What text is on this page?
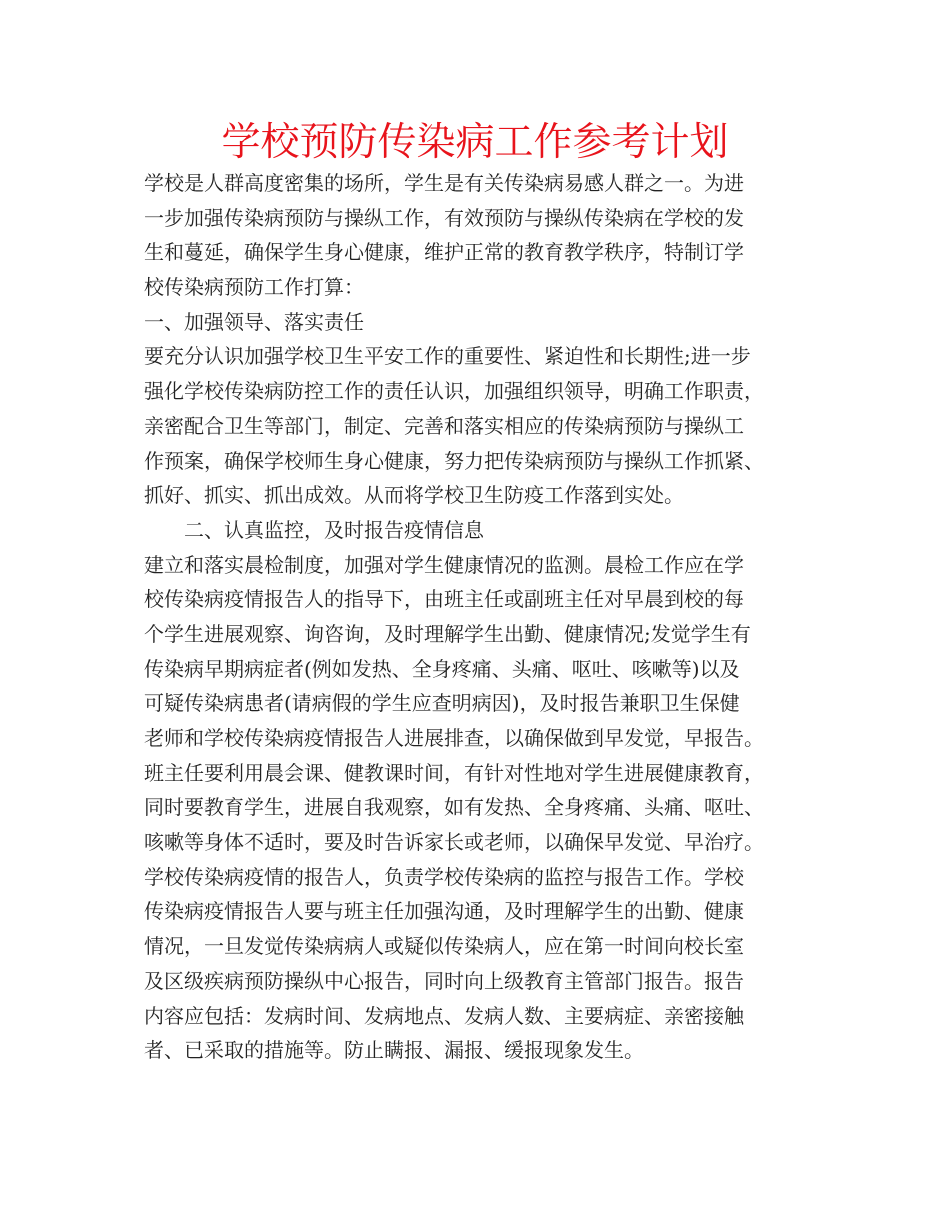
学校预防传染病工作参考计划
学校是人群高度密集的场所，学生是有关传染病易感人群之一。为进
一步加强传染病预防与操纵工作，有效预防与操纵传染病在学校的发
生和蔓延，确保学生身心健康，维护正常的教育教学秩序，特制订学
校传染病预防工作打算：
一、加强领导、落实责任
要充分认识加强学校卫生平安工作的重要性、紧迫性和长期性;进一步
强化学校传染病防控工作的责任认识，加强组织领导，明确工作职责，
亲密配合卫生等部门，制定、完善和落实相应的传染病预防与操纵工
作预案，确保学校师生身心健康，努力把传染病预防与操纵工作抓紧、
抓好、抓实、抓出成效。从而将学校卫生防疫工作落到实处。
二、认真监控，及时报告疫情信息
建立和落实晨检制度，加强对学生健康情况的监测。晨检工作应在学
校传染病疫情报告人的指导下，由班主任或副班主任对早晨到校的每
个学生进展观察、询咨询，及时理解学生出勤、健康情况;发觉学生有
传染病早期病症者(例如发热、全身疼痛、头痛、呕吐、咳嗽等)以及
可疑传染病患者(请病假的学生应查明病因)，及时报告兼职卫生保健
老师和学校传染病疫情报告人进展排查，以确保做到早发觉，早报告。
班主任要利用晨会课、健教课时间，有针对性地对学生进展健康教育，
同时要教育学生，进展自我观察，如有发热、全身疼痛、头痛、呕吐、
咳嗽等身体不适时，要及时告诉家长或老师，以确保早发觉、早治疗。
学校传染病疫情的报告人，负责学校传染病的监控与报告工作。学校
传染病疫情报告人要与班主任加强沟通，及时理解学生的出勤、健康
情况，一旦发觉传染病病人或疑似传染病人，应在第一时间向校长室
及区级疾病预防操纵中心报告，同时向上级教育主管部门报告。报告
内容应包括：发病时间、发病地点、发病人数、主要病症、亲密接触
者、已采取的措施等。防止瞒报、漏报、缓报现象发生。
